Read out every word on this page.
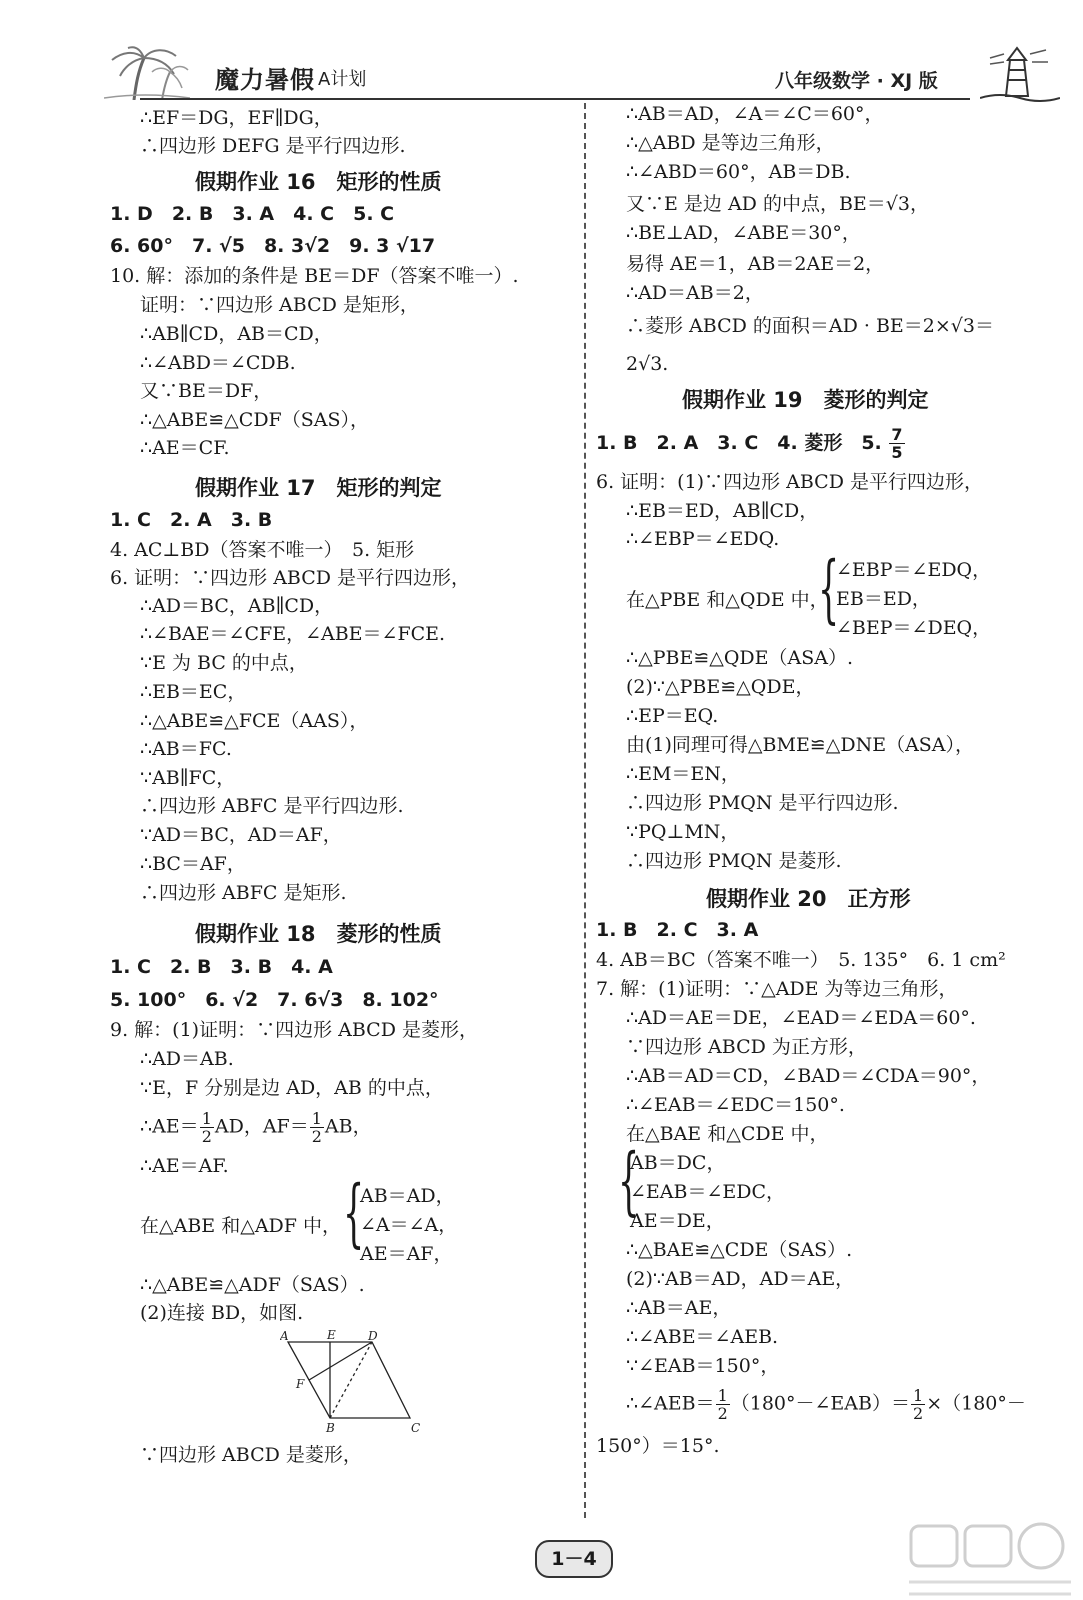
魔力暑假 A计划	八年级数学 · XJ 版
∴EF＝DG，EF∥DG，
∴四边形 DEFG 是平行四边形.
假期作业 16　矩形的性质
1. D　2. B　3. A　4. C　5. C
6. 60°　7. √5　8. 3√2　9. 3 √17
10. 解：添加的条件是 BE＝DF（答案不唯一）.
证明：∵四边形 ABCD 是矩形，
∴AB∥CD，AB＝CD，
∴∠ABD＝∠CDB.
又∵BE＝DF，
∴△ABE≌△CDF（SAS），
∴AE＝CF.
假期作业 17　矩形的判定
1. C　2. A　3. B
4. AC⊥BD（答案不唯一）　5. 矩形
6. 证明：∵四边形 ABCD 是平行四边形，
∴AD＝BC，AB∥CD，
∴∠BAE＝∠CFE，∠ABE＝∠FCE.
∵E 为 BC 的中点，
∴EB＝EC，
∴△ABE≌△FCE（AAS），
∴AB＝FC.
∵AB∥FC，
∴四边形 ABFC 是平行四边形.
∵AD＝BC，AD＝AF，
∴BC＝AF，
∴四边形 ABFC 是矩形.
假期作业 18　菱形的性质
1. C　2. B　3. B　4. A
5. 100°　6. √2　7. 6√3　8. 102°
9. 解：(1)证明：∵四边形 ABCD 是菱形，
∴AD＝AB.
∵E，F 分别是边 AD，AB 的中点，
∴AE＝ $\frac{1}{2}$ AD，$AF= \frac{1}{2}$ AB，
∴AE＝AF.
在△ABE 和△ADF 中， {
AB＝AD，
∠A＝∠A，
AE＝AF，
∴△ABE≌△ADF（SAS）.
(2)连接 BD，如图.
∵四边形 ABCD 是菱形，
A	E	D
F
B	C
∴AB＝AD，∠A＝∠C＝60°，
∴△ABD 是等边三角形，
∴∠ABD＝60°，AB＝DB.
又∵E 是边 AD 的中点，BE＝√3，
∴BE⊥AD，∠ABE＝30°，
易得 AE＝1，AB＝2AE＝2，
∴AD＝AB＝2，
∴菱形 ABCD 的面积＝AD · BE＝2×√3＝
2√3.
假期作业 19　菱形的判定
1. B　2. A　3. C　4. 菱形　5. $\frac{7}{5}$
6. 证明：(1)∵四边形 ABCD 是平行四边形，
∴EB＝ED，AB∥CD，
∴∠EBP＝∠EDQ.
在△PBE 和△QDE 中，
{
∠EBP＝∠EDQ，
EB＝ED，
∠BEP＝∠DEQ，
∴△PBE≌△QDE（ASA）.
(2)∵△PBE≌△QDE，
∴EP＝EQ.
由(1)同理可得△BME≌△DNE（ASA），
∴EM＝EN，
∴四边形 PMQN 是平行四边形.
∵PQ⊥MN，
∴四边形 PMQN 是菱形.
假期作业 20　正方形
1. B　2. C　3. A
4. AB＝BC（答案不唯一）　5. 135°　6. 1 cm²
7. 解：(1)证明：∵△ADE 为等边三角形，
∴AD＝AE＝DE，∠EAD＝∠EDA＝60°.
∵四边形 ABCD 为正方形，
∴AB＝AD＝CD，∠BAD＝∠CDA＝90°，
∴∠EAB＝∠EDC＝150°.
在△BAE 和△CDE 中，
{
AB＝DC，
∠EAB＝∠EDC，
AE＝DE，
∴△BAE≌△CDE（SAS）.
(2)∵AB＝AD，AD＝AE，
∴AB＝AE，
∴∠ABE＝∠AEB.
∵∠EAB＝150°，
∴∠AEB＝ $\frac{1}{2}$ （180°－∠EAB）＝ $\frac{1}{2} \times(180^\circ-$
150°）＝15°.
1－4
